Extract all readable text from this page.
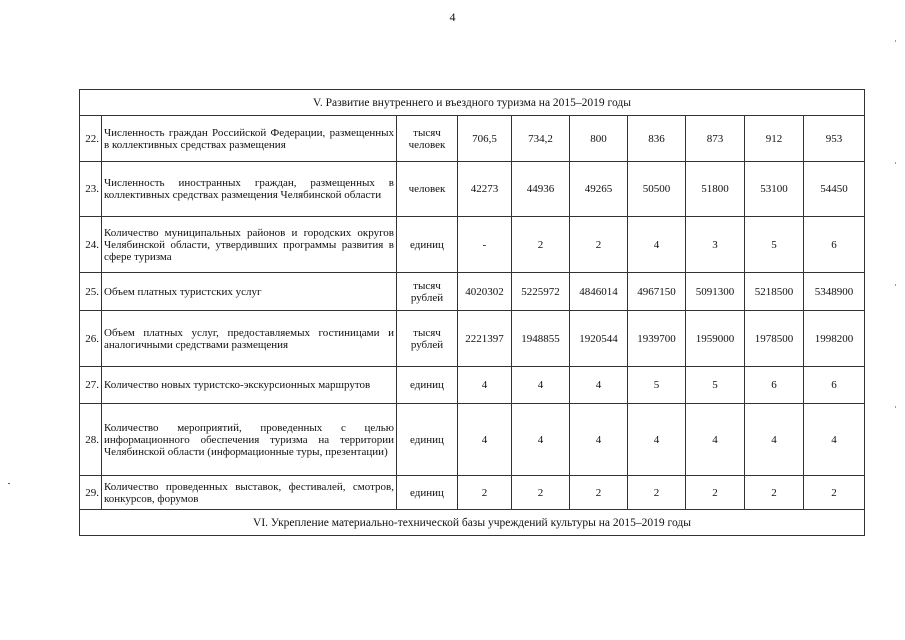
4
V. Развитие внутреннего и въездного туризма на 2015–2019 годы									
22.	Численность граждан Российской Федерации, размещенных в коллективных средствах размещения	тысяч человек	706,5	734,2	800	836	873	912	953
23.	Численность иностранных граждан, размещенных в коллективных средствах размещения Челябинской области	человек	42273	44936	49265	50500	51800	53100	54450
24.	Количество муниципальных районов и городских округов Челябинской области, утвердивших программы развития в сфере туризма	единиц	-	2	2	4	3	5	6
25.	Объем платных туристских услуг	тысяч рублей	4020302	5225972	4846014	4967150	5091300	5218500	5348900
26.	Объем платных услуг, предоставляемых гостиницами и аналогичными средствами размещения	тысяч рублей	2221397	1948855	1920544	1939700	1959000	1978500	1998200
27.	Количество новых туристско-экскурсионных маршрутов	единиц	4	4	4	5	5	6	6
28.	Количество мероприятий, проведенных с целью информационного обеспечения туризма на территории Челябинской области (информационные туры, презентации)	единиц	4	4	4	4	4	4	4
29.	Количество проведенных выставок, фестивалей, смотров, конкурсов, форумов	единиц	2	2	2	2	2	2	2
VI. Укрепление материально-технической базы учреждений культуры на 2015–2019 годы									
